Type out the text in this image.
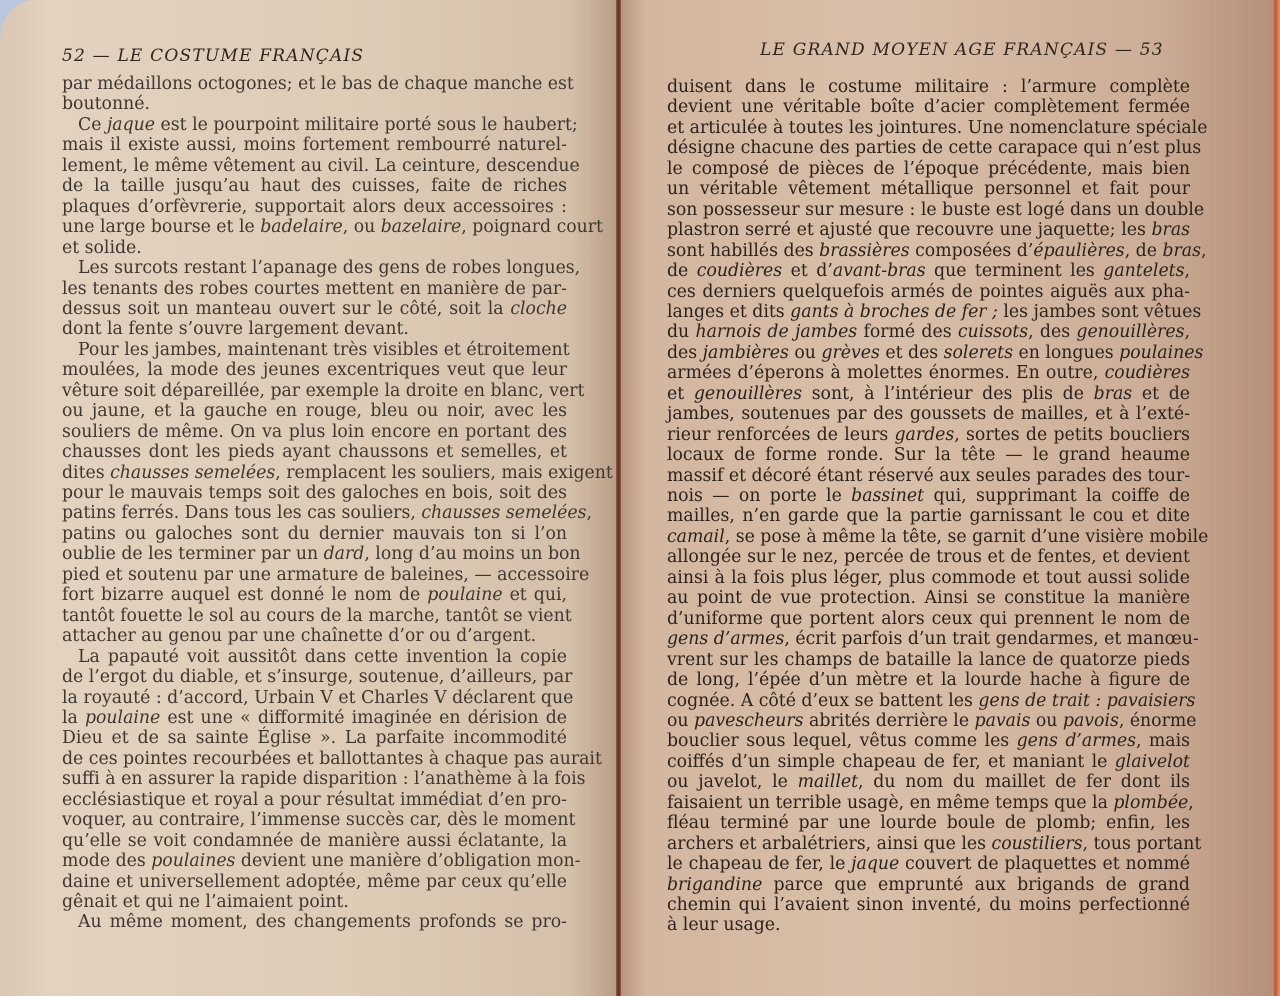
52 — LE COSTUME FRANÇAIS
par médaillons octogones; et le bas de chaque manche est
boutonné.
Ce jaque est le pourpoint militaire porté sous le haubert;
mais il existe aussi, moins fortement rembourré naturel-
lement, le même vêtement au civil. La ceinture, descendue
de la taille jusqu’au haut des cuisses, faite de riches
plaques d’orfèvrerie, supportait alors deux accessoires :
une large bourse et le badelaire, ou bazelaire, poignard court
et solide.
Les surcots restant l’apanage des gens de robes longues,
les tenants des robes courtes mettent en manière de par-
dessus soit un manteau ouvert sur le côté, soit la cloche
dont la fente s’ouvre largement devant.
Pour les jambes, maintenant très visibles et étroitement
moulées, la mode des jeunes excentriques veut que leur
vêture soit dépareillée, par exemple la droite en blanc, vert
ou jaune, et la gauche en rouge, bleu ou noir, avec les
souliers de même. On va plus loin encore en portant des
chausses dont les pieds ayant chaussons et semelles, et
dites chausses semelées, remplacent les souliers, mais exigent
pour le mauvais temps soit des galoches en bois, soit des
patins ferrés. Dans tous les cas souliers, chausses semelées,
patins ou galoches sont du dernier mauvais ton si l’on
oublie de les terminer par un dard, long d’au moins un bon
pied et soutenu par une armature de baleines, — accessoire
fort bizarre auquel est donné le nom de poulaine et qui,
tantôt fouette le sol au cours de la marche, tantôt se vient
attacher au genou par une chaînette d’or ou d’argent.
La papauté voit aussitôt dans cette invention la copie
de l’ergot du diable, et s’insurge, soutenue, d’ailleurs, par
la royauté : d’accord, Urbain V et Charles V déclarent que
la poulaine est une « difformité imaginée en dérision de
Dieu et de sa sainte Église ». La parfaite incommodité
de ces pointes recourbées et ballottantes à chaque pas aurait
suffi à en assurer la rapide disparition : l’anathème à la fois
ecclésiastique et royal a pour résultat immédiat d’en pro-
voquer, au contraire, l’immense succès car, dès le moment
qu’elle se voit condamnée de manière aussi éclatante, la
mode des poulaines devient une manière d’obligation mon-
daine et universellement adoptée, même par ceux qu’elle
gênait et qui ne l’aimaient point.
Au même moment, des changements profonds se pro-
LE GRAND MOYEN AGE FRANÇAIS — 53
duisent dans le costume militaire : l’armure complète
devient une véritable boîte d’acier complètement fermée
et articulée à toutes les jointures. Une nomenclature spéciale
désigne chacune des parties de cette carapace qui n’est plus
le composé de pièces de l’époque précédente, mais bien
un véritable vêtement métallique personnel et fait pour
son possesseur sur mesure : le buste est logé dans un double
plastron serré et ajusté que recouvre une jaquette; les bras
sont habillés des brassières composées d’épaulières, de bras,
de coudières et d’avant-bras que terminent les gantelets,
ces derniers quelquefois armés de pointes aiguës aux pha-
langes et dits gants à broches de fer ; les jambes sont vêtues
du harnois de jambes formé des cuissots, des genouillères,
des jambières ou grèves et des solerets en longues poulaines
armées d’éperons à molettes énormes. En outre, coudières
et genouillères sont, à l’intérieur des plis de bras et de
jambes, soutenues par des goussets de mailles, et à l’exté-
rieur renforcées de leurs gardes, sortes de petits boucliers
locaux de forme ronde. Sur la tête — le grand heaume
massif et décoré étant réservé aux seules parades des tour-
nois — on porte le bassinet qui, supprimant la coiffe de
mailles, n’en garde que la partie garnissant le cou et dite
camail, se pose à même la tête, se garnit d’une visière mobile
allongée sur le nez, percée de trous et de fentes, et devient
ainsi à la fois plus léger, plus commode et tout aussi solide
au point de vue protection. Ainsi se constitue la manière
d’uniforme que portent alors ceux qui prennent le nom de
gens d’armes, écrit parfois d’un trait gendarmes, et manœu-
vrent sur les champs de bataille la lance de quatorze pieds
de long, l’épée d’un mètre et la lourde hache à figure de
cognée. A côté d’eux se battent les gens de trait : pavaisiers
ou pavescheurs abrités derrière le pavais ou pavois, énorme
bouclier sous lequel, vêtus comme les gens d’armes, mais
coiffés d’un simple chapeau de fer, et maniant le glaivelot
ou javelot, le maillet, du nom du maillet de fer dont ils
faisaient un terrible usagè, en même temps que la plombée,
fléau terminé par une lourde boule de plomb; enfin, les
archers et arbalétriers, ainsi que les coustiliers, tous portant
le chapeau de fer, le jaque couvert de plaquettes et nommé
brigandine parce que emprunté aux brigands de grand
chemin qui l’avaient sinon inventé, du moins perfectionné
à leur usage.
